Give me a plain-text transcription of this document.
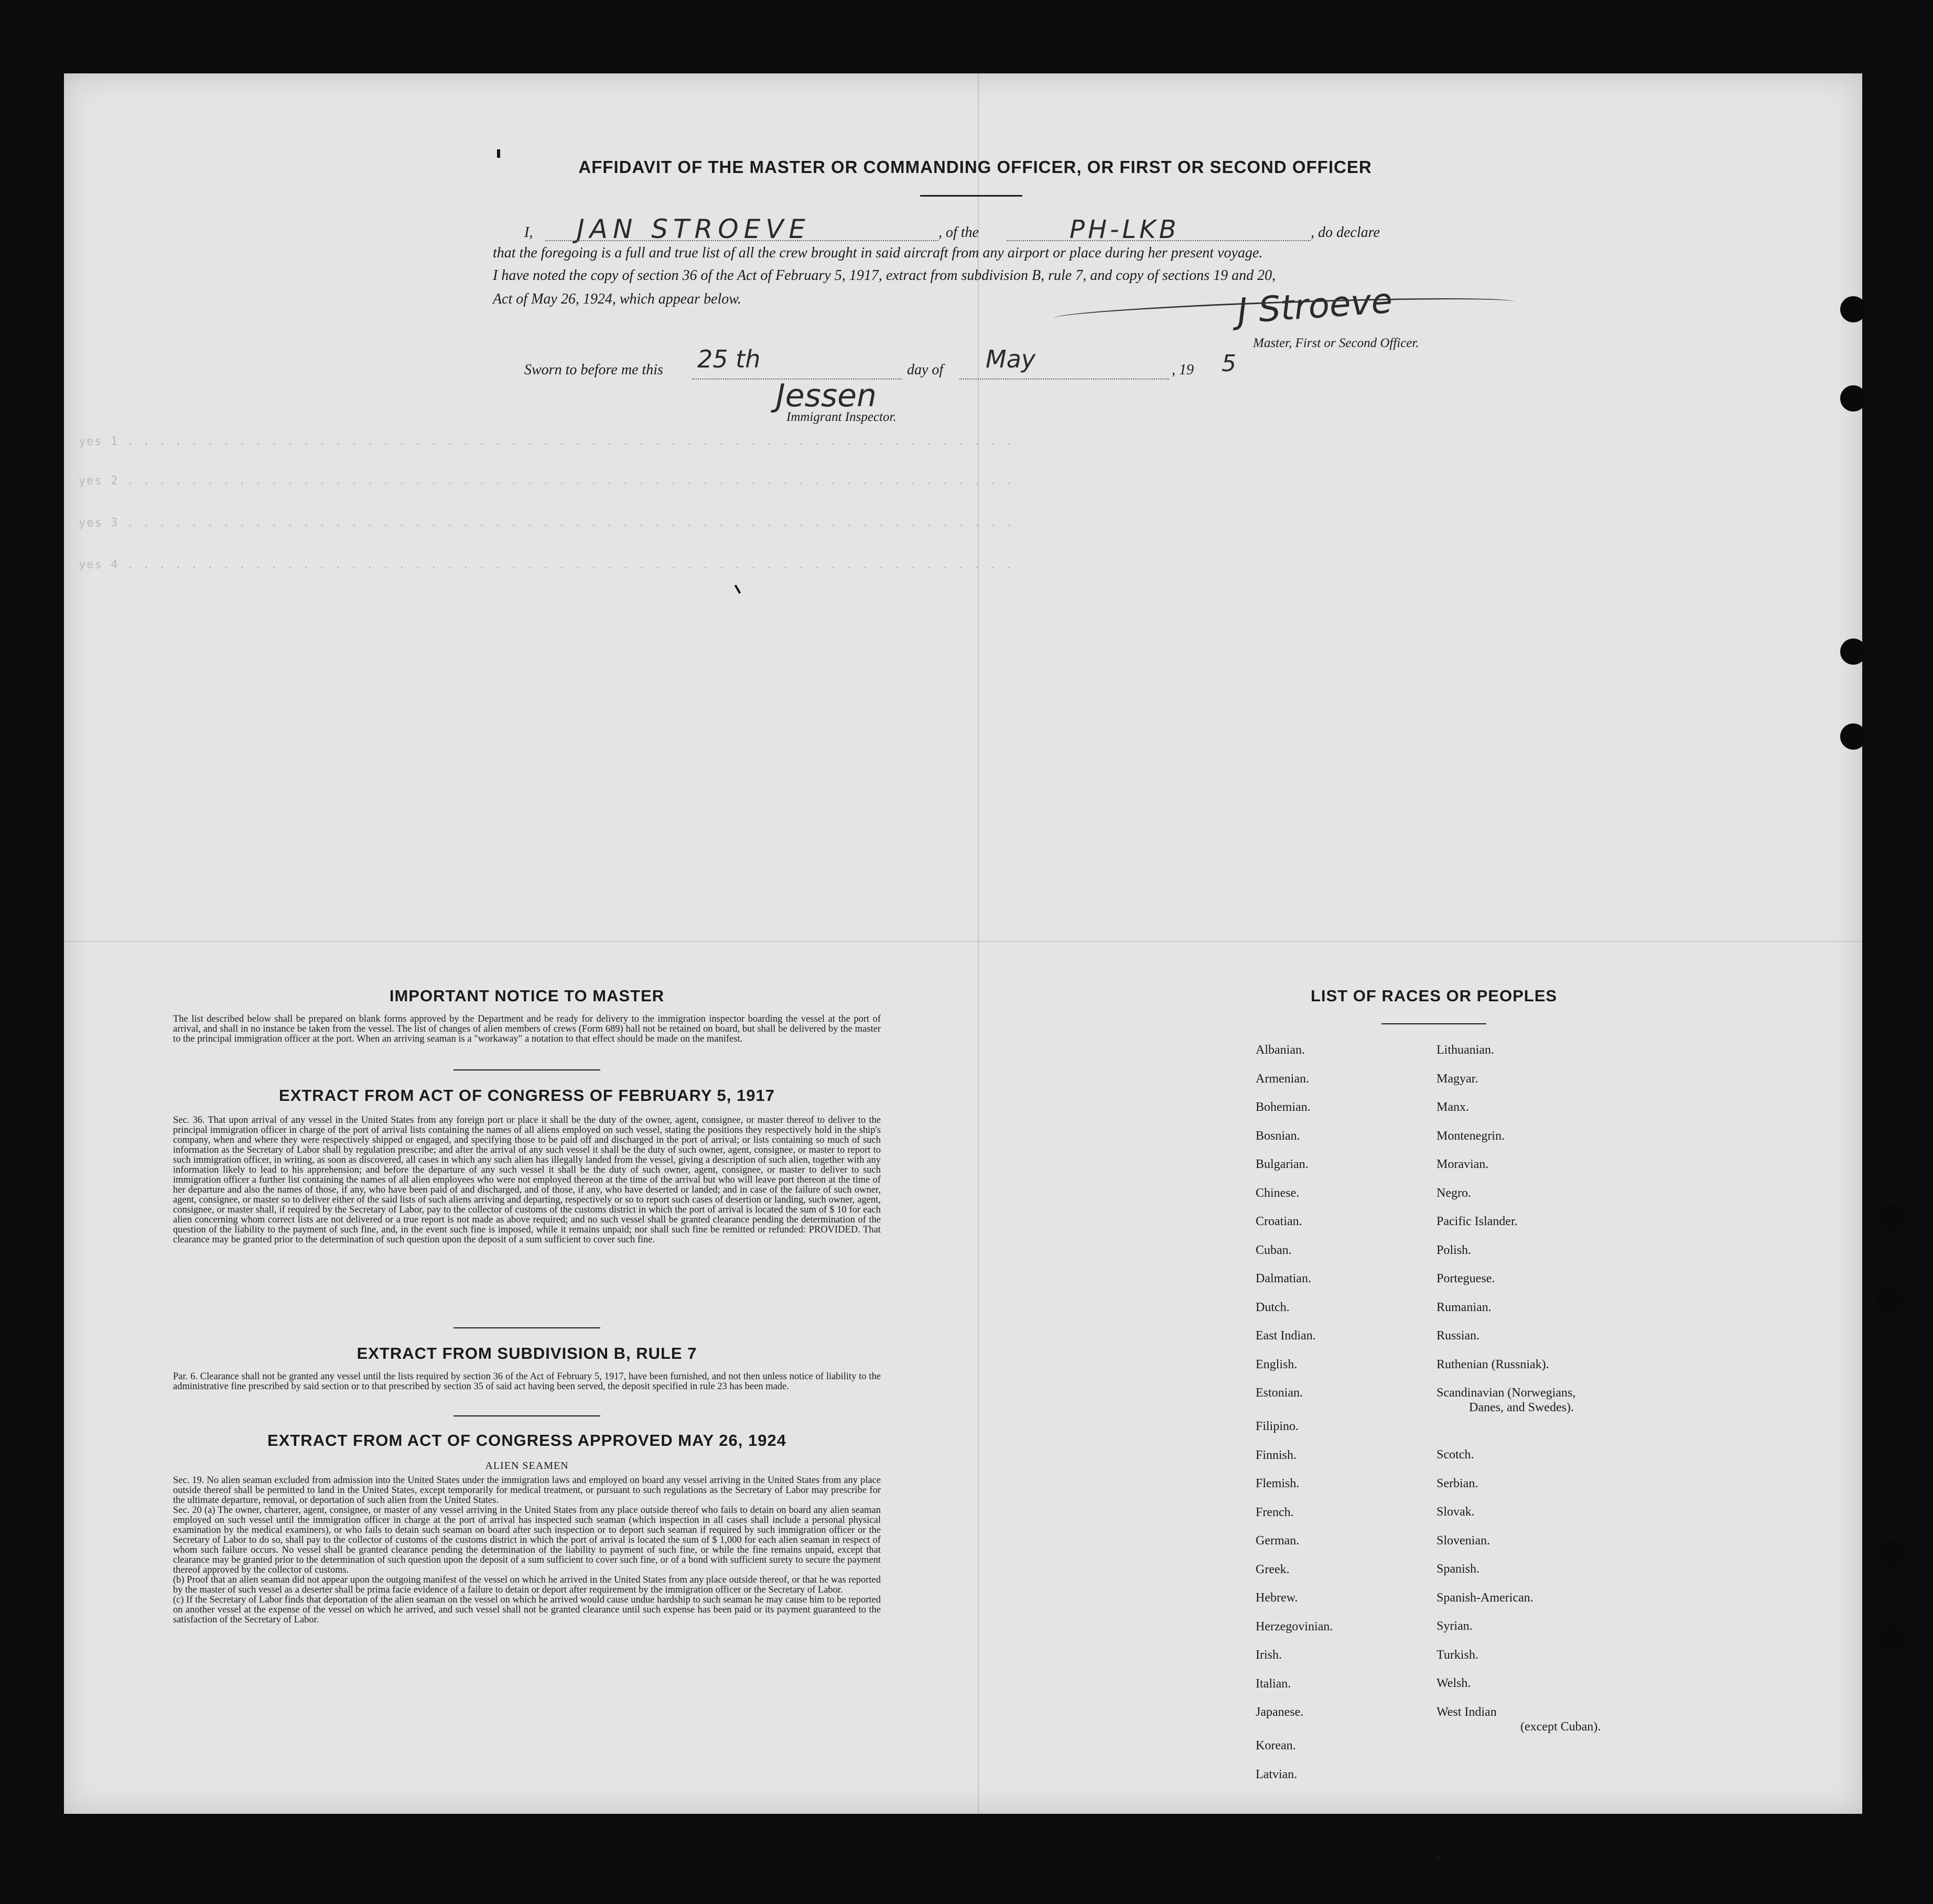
yes 1 . . . . . . . . . . . . . . . . . . . . . . . . . . . . . . . . . . . . . . . . . . . . . . . . . . . . . . . .
yes 2 . . . . . . . . . . . . . . . . . . . . . . . . . . . . . . . . . . . . . . . . . . . . . . . . . . . . . . . .
yes 3 . . . . . . . . . . . . . . . . . . . . . . . . . . . . . . . . . . . . . . . . . . . . . . . . . . . . . . . .
yes 4 . . . . . . . . . . . . . . . . . . . . . . . . . . . . . . . . . . . . . . . . . . . . . . . . . . . . . . . .
AFFIDAVIT OF THE MASTER OR COMMANDING OFFICER, OR FIRST OR SECOND OFFICER
I, JAN STROEVE	, of the	PH-LKB	, do declare
that the foregoing is a full and true list of all the crew brought in said aircraft from any airport or place during her present voyage.
I have noted the copy of section 36 of the Act of February 5, 1917, extract from subdivision B, rule 7, and copy of sections 19 and 20,
Act of May 26, 1924, which appear below.	J Stroeve
Master, First or Second Officer.
Sworn to before me this 25 th	day of May	, 19 5
Jessen
Immigrant Inspector.
IMPORTANT NOTICE TO MASTER
The list described below shall be prepared on blank forms approved by the Department and be ready for delivery to the immigration inspector boarding the vessel at the port of arrival, and shall in no instance be taken from the vessel. The list of changes of alien members of crews (Form 689) hall not be retained on board, but shall be delivered by the master to the principal immigration officer at the port. When an arriving seaman is a "workaway" a notation to that effect should be made on the manifest.
EXTRACT FROM ACT OF CONGRESS OF FEBRUARY 5, 1917
Sec. 36. That upon arrival of any vessel in the United States from any foreign port or place it shall be the duty of the owner, agent, consignee, or master thereof to deliver to the principal immigration officer in charge of the port of arrival lists containing the names of all aliens employed on such vessel, stating the positions they respectively hold in the ship's company, when and where they were respectively shipped or engaged, and specifying those to be paid off and discharged in the port of arrival; or lists containing so much of such information as the Secretary of Labor shall by regulation prescribe; and after the arrival of any such vessel it shall be the duty of such owner, agent, consignee, or master to report to such immigration officer, in writing, as soon as discovered, all cases in which any such alien has illegally landed from the vessel, giving a description of such alien, together with any information likely to lead to his apprehension; and before the departure of any such vessel it shall be the duty of such owner, agent, consignee, or master to deliver to such immigration officer a further list containing the names of all alien employees who were not employed thereon at the time of the arrival but who will leave port thereon at the time of her departure and also the names of those, if any, who have been paid of and discharged, and of those, if any, who have deserted or landed; and in case of the failure of such owner, agent, consignee, or master so to deliver either of the said lists of such aliens arriving and departing, respectively or so to report such cases of desertion or landing, such owner, agent, consignee, or master shall, if required by the Secretary of Labor, pay to the collector of customs of the customs district in which the port of arrival is located the sum of $ 10 for each alien concerning whom correct lists are not delivered or a true report is not made as above required; and no such vessel shall be granted clearance pending the determination of the question of the liability to the payment of such fine, and, in the event such fine is imposed, while it remains unpaid; nor shall such fine be remitted or refunded: PROVIDED. That clearance may be granted prior to the determination of such question upon the deposit of a sum sufficient to cover such fine.
EXTRACT FROM SUBDIVISION B, RULE 7
Par. 6. Clearance shall not be granted any vessel until the lists required by section 36 of the Act of February 5, 1917, have been furnished, and not then unless notice of liability to the administrative fine prescribed by said section or to that prescribed by section 35 of said act having been served, the deposit specified in rule 23 has been made.
EXTRACT FROM ACT OF CONGRESS APPROVED MAY 26, 1924
ALIEN SEAMEN
Sec. 19. No alien seaman excluded from admission into the United States under the immigration laws and employed on board any vessel arriving in the United States from any place outside thereof shall be permitted to land in the United States, except temporarily for medical treatment, or pursuant to such regulations as the Secretary of Labor may prescribe for the ultimate departure, removal, or deportation of such alien from the United States.
Sec. 20 (a) The owner, charterer, agent, consignee, or master of any vessel arriving in the United States from any place outside thereof who fails to detain on board any alien seaman employed on such vessel until the immigration officer in charge at the port of arrival has inspected such seaman (which inspection in all cases shall include a personal physical examination by the medical examiners), or who fails to detain such seaman on board after such inspection or to deport such seaman if required by such immigration officer or the Secretary of Labor to do so, shall pay to the collector of customs of the customs district in which the port of arrival is located the sum of $ 1,000 for each alien seaman in respect of whom such failure occurs. No vessel shall be granted clearance pending the determination of the liability to payment of such fine, or while the fine remains unpaid, except that clearance may be granted prior to the determination of such question upon the deposit of a sum sufficient to cover such fine, or of a bond with sufficient surety to secure the payment thereof approved by the collector of customs.
(b) Proof that an alien seaman did not appear upon the outgoing manifest of the vessel on which he arrived in the United States from any place outside thereof, or that he was reported by the master of such vessel as a deserter shall be prima facie evidence of a failure to detain or deport after requirement by the immigration officer or the Secretary of Labor.
(c) If the Secretary of Labor finds that deportation of the alien seaman on the vessel on which he arrived would cause undue hardship to such seaman he may cause him to be reported on another vessel at the expense of the vessel on which he arrived, and such vessel shall not be granted clearance until such expense has been paid or its payment guaranteed to the satisfaction of the Secretary of Labor.
LIST OF RACES OR PEOPLES
Albanian.
Armenian.
Bohemian.
Bosnian.
Bulgarian.
Chinese.
Croatian.
Cuban.
Dalmatian.
Dutch.
East Indian.
English.
Estonian.
Filipino.
Finnish.
Flemish.
French.
German.
Greek.
Hebrew.
Herzegovinian.
Irish.
Italian.
Japanese.
Korean.
Latvian.
Lithuanian.
Magyar.
Manx.
Montenegrin.
Moravian.
Negro.
Pacific Islander.
Polish.
Porteguese.
Rumanian.
Russian.
Ruthenian (Russniak).
Scandinavian (Norwegians,
Danes, and Swedes).
Scotch.
Serbian.
Slovak.
Slovenian.
Spanish.
Spanish-American.
Syrian.
Turkish.
Welsh.
West Indian
(except Cuban).
